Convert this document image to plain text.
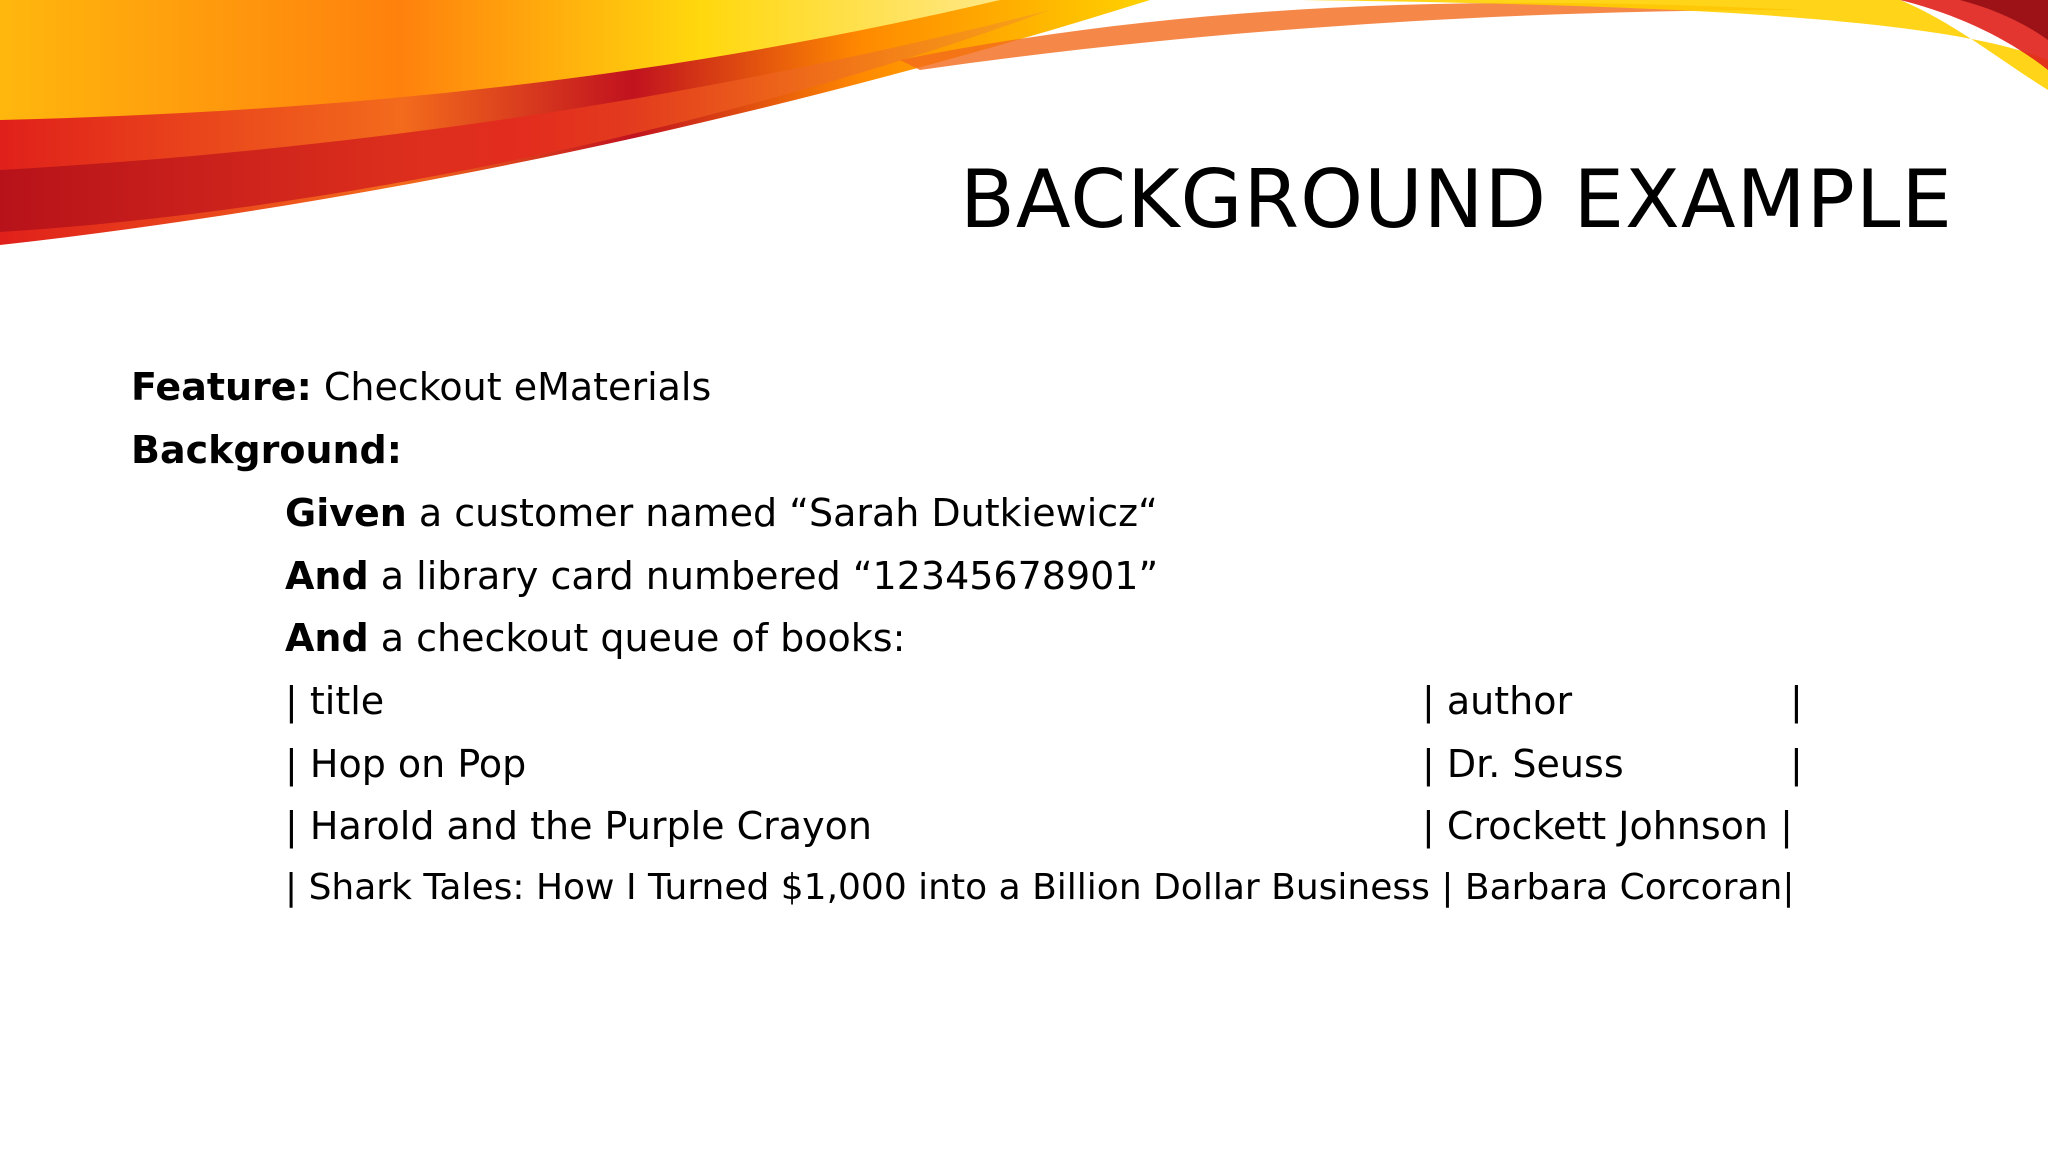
BACKGROUND EXAMPLE
Feature: Checkout eMaterials
Background:
Given a customer named “Sarah Dutkiewicz“
And a library card numbered “12345678901”
And a checkout queue of books:
| title	| author	|
| Hop on Pop	| Dr. Seuss	|
| Harold and the Purple Crayon	| Crockett Johnson |
| Shark Tales: How I Turned $1,000 into a Billion Dollar Business | Barbara Corcoran|
